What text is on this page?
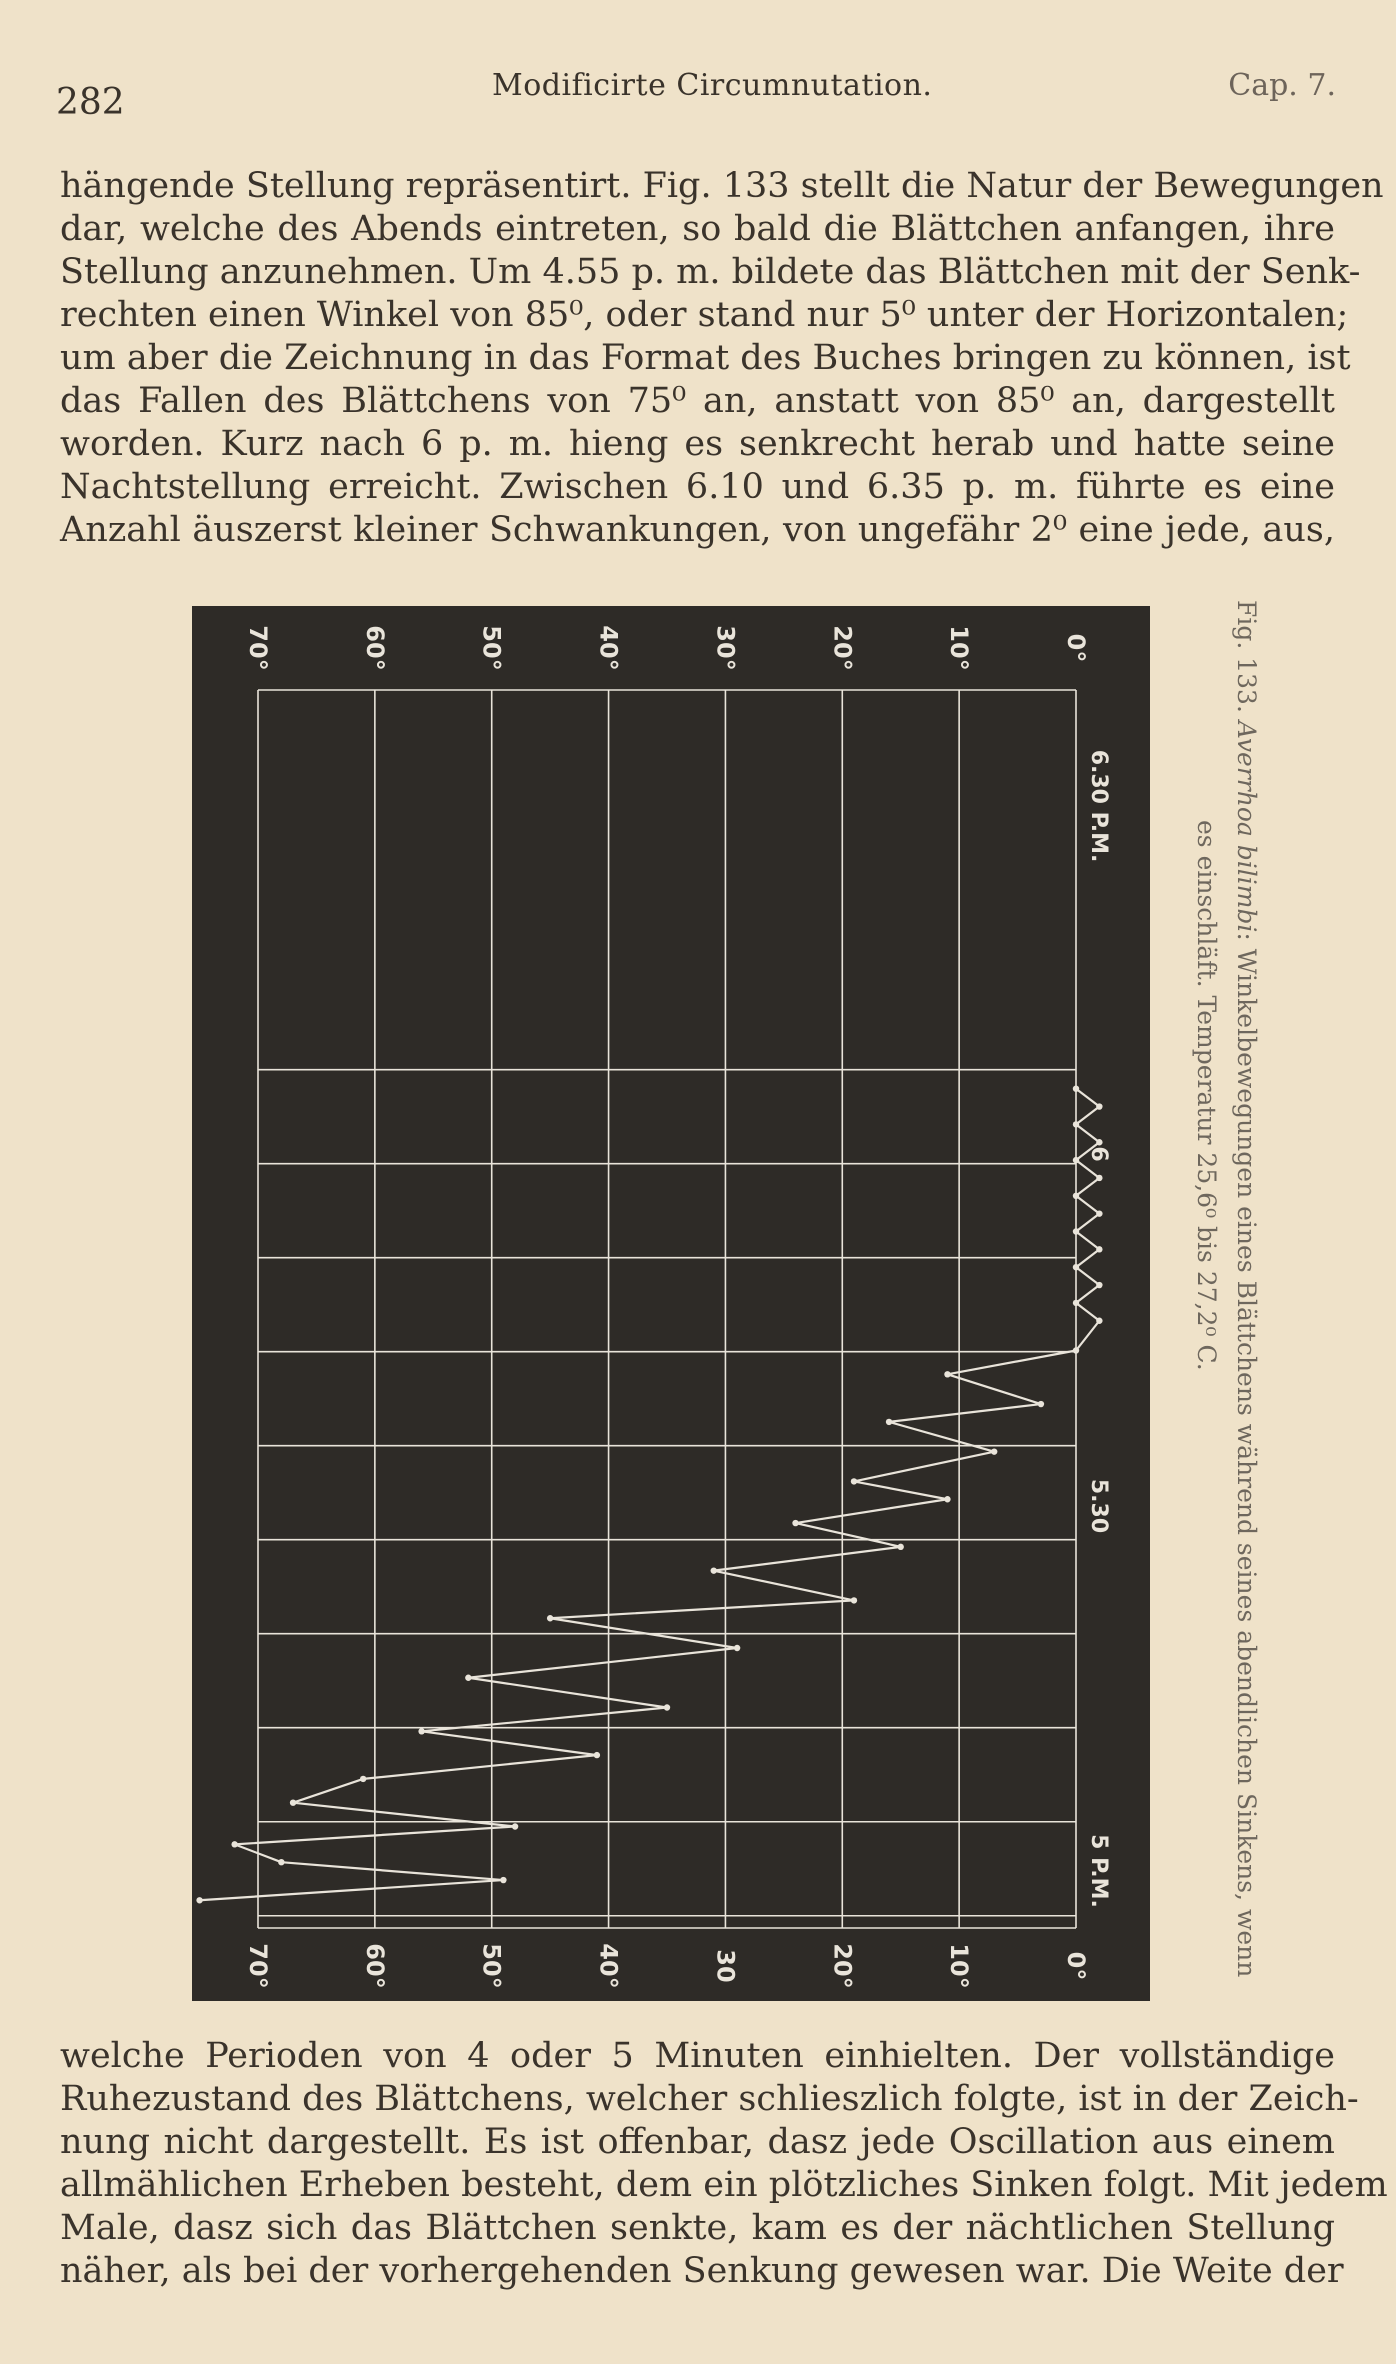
282	Modificirte Circumnutation.	Cap. 7.

hängende Stellung repräsentirt. Fig. 133 stellt die Natur der Bewegungen
dar, welche des Abends eintreten, so bald die Blättchen anfangen, ihre
Stellung anzunehmen. Um 4.55 p. m. bildete das Blättchen mit der Senk-
rechten einen Winkel von 85⁰, oder stand nur 5⁰ unter der Horizontalen;
um aber die Zeichnung in das Format des Buches bringen zu können, ist
das Fallen des Blättchens von 75⁰ an, anstatt von 85⁰ an, dargestellt
worden. Kurz nach 6 p. m. hieng es senkrecht herab und hatte seine
Nachtstellung erreicht. Zwischen 6.10 und 6.35 p. m. führte es eine
Anzahl äuszerst kleiner Schwankungen, von ungefähr 2⁰ eine jede, aus,

70°	60°	50°	40°	30°	20°	10°	0°
70°	60°	50°	40°	30	20°	10°	0°
6.30 P.M.
6
5.30
5 P.M.
Fig. 133. Averrhoa bilimbi: Winkelbewegungen eines Blättchens während seines abendlichen Sinkens, wenn
es einschläft. Temperatur 25,6⁰ bis 27,2⁰ C.

welche Perioden von 4 oder 5 Minuten einhielten. Der vollständige
Ruhezustand des Blättchens, welcher schlieszlich folgte, ist in der Zeich-
nung nicht dargestellt. Es ist offenbar, dasz jede Oscillation aus einem
allmählichen Erheben besteht, dem ein plötzliches Sinken folgt. Mit jedem
Male, dasz sich das Blättchen senkte, kam es der nächtlichen Stellung
näher, als bei der vorhergehenden Senkung gewesen war. Die Weite der
